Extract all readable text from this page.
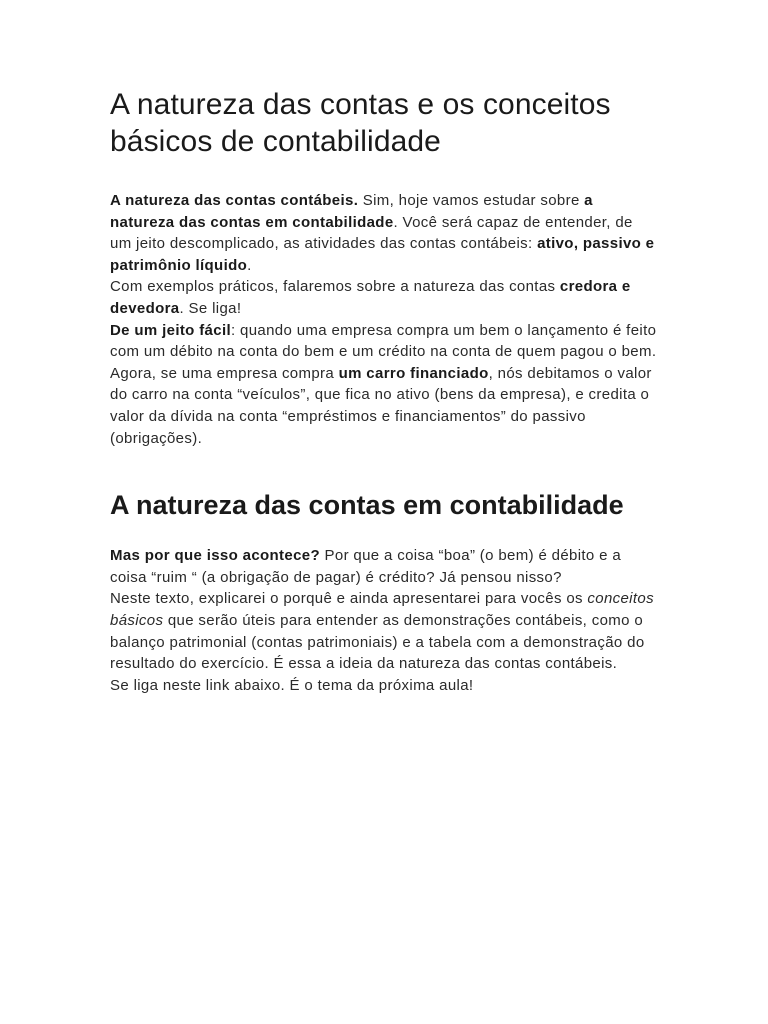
A natureza das contas e os conceitos básicos de contabilidade

A natureza das contas contábeis. Sim, hoje vamos estudar sobre a natureza das contas em contabilidade. Você será capaz de entender, de um jeito descomplicado, as atividades das contas contábeis: ativo, passivo e patrimônio líquido.

Com exemplos práticos, falaremos sobre a natureza das contas credora e devedora. Se liga!

De um jeito fácil: quando uma empresa compra um bem o lançamento é feito com um débito na conta do bem e um crédito na conta de quem pagou o bem.

Agora, se uma empresa compra um carro financiado, nós debitamos o valor do carro na conta “veículos”, que fica no ativo (bens da empresa), e credita o valor da dívida na conta “empréstimos e financiamentos” do passivo (obrigações).

A natureza das contas em contabilidade

Mas por que isso acontece? Por que a coisa “boa” (o bem) é débito e a coisa “ruim “ (a obrigação de pagar) é crédito? Já pensou nisso?

Neste texto, explicarei o porquê e ainda apresentarei para vocês os conceitos básicos que serão úteis para entender as demonstrações contábeis, como o balanço patrimonial (contas patrimoniais) e a tabela com a demonstração do resultado do exercício. É essa a ideia da natureza das contas contábeis.

Se liga neste link abaixo. É o tema da próxima aula!
